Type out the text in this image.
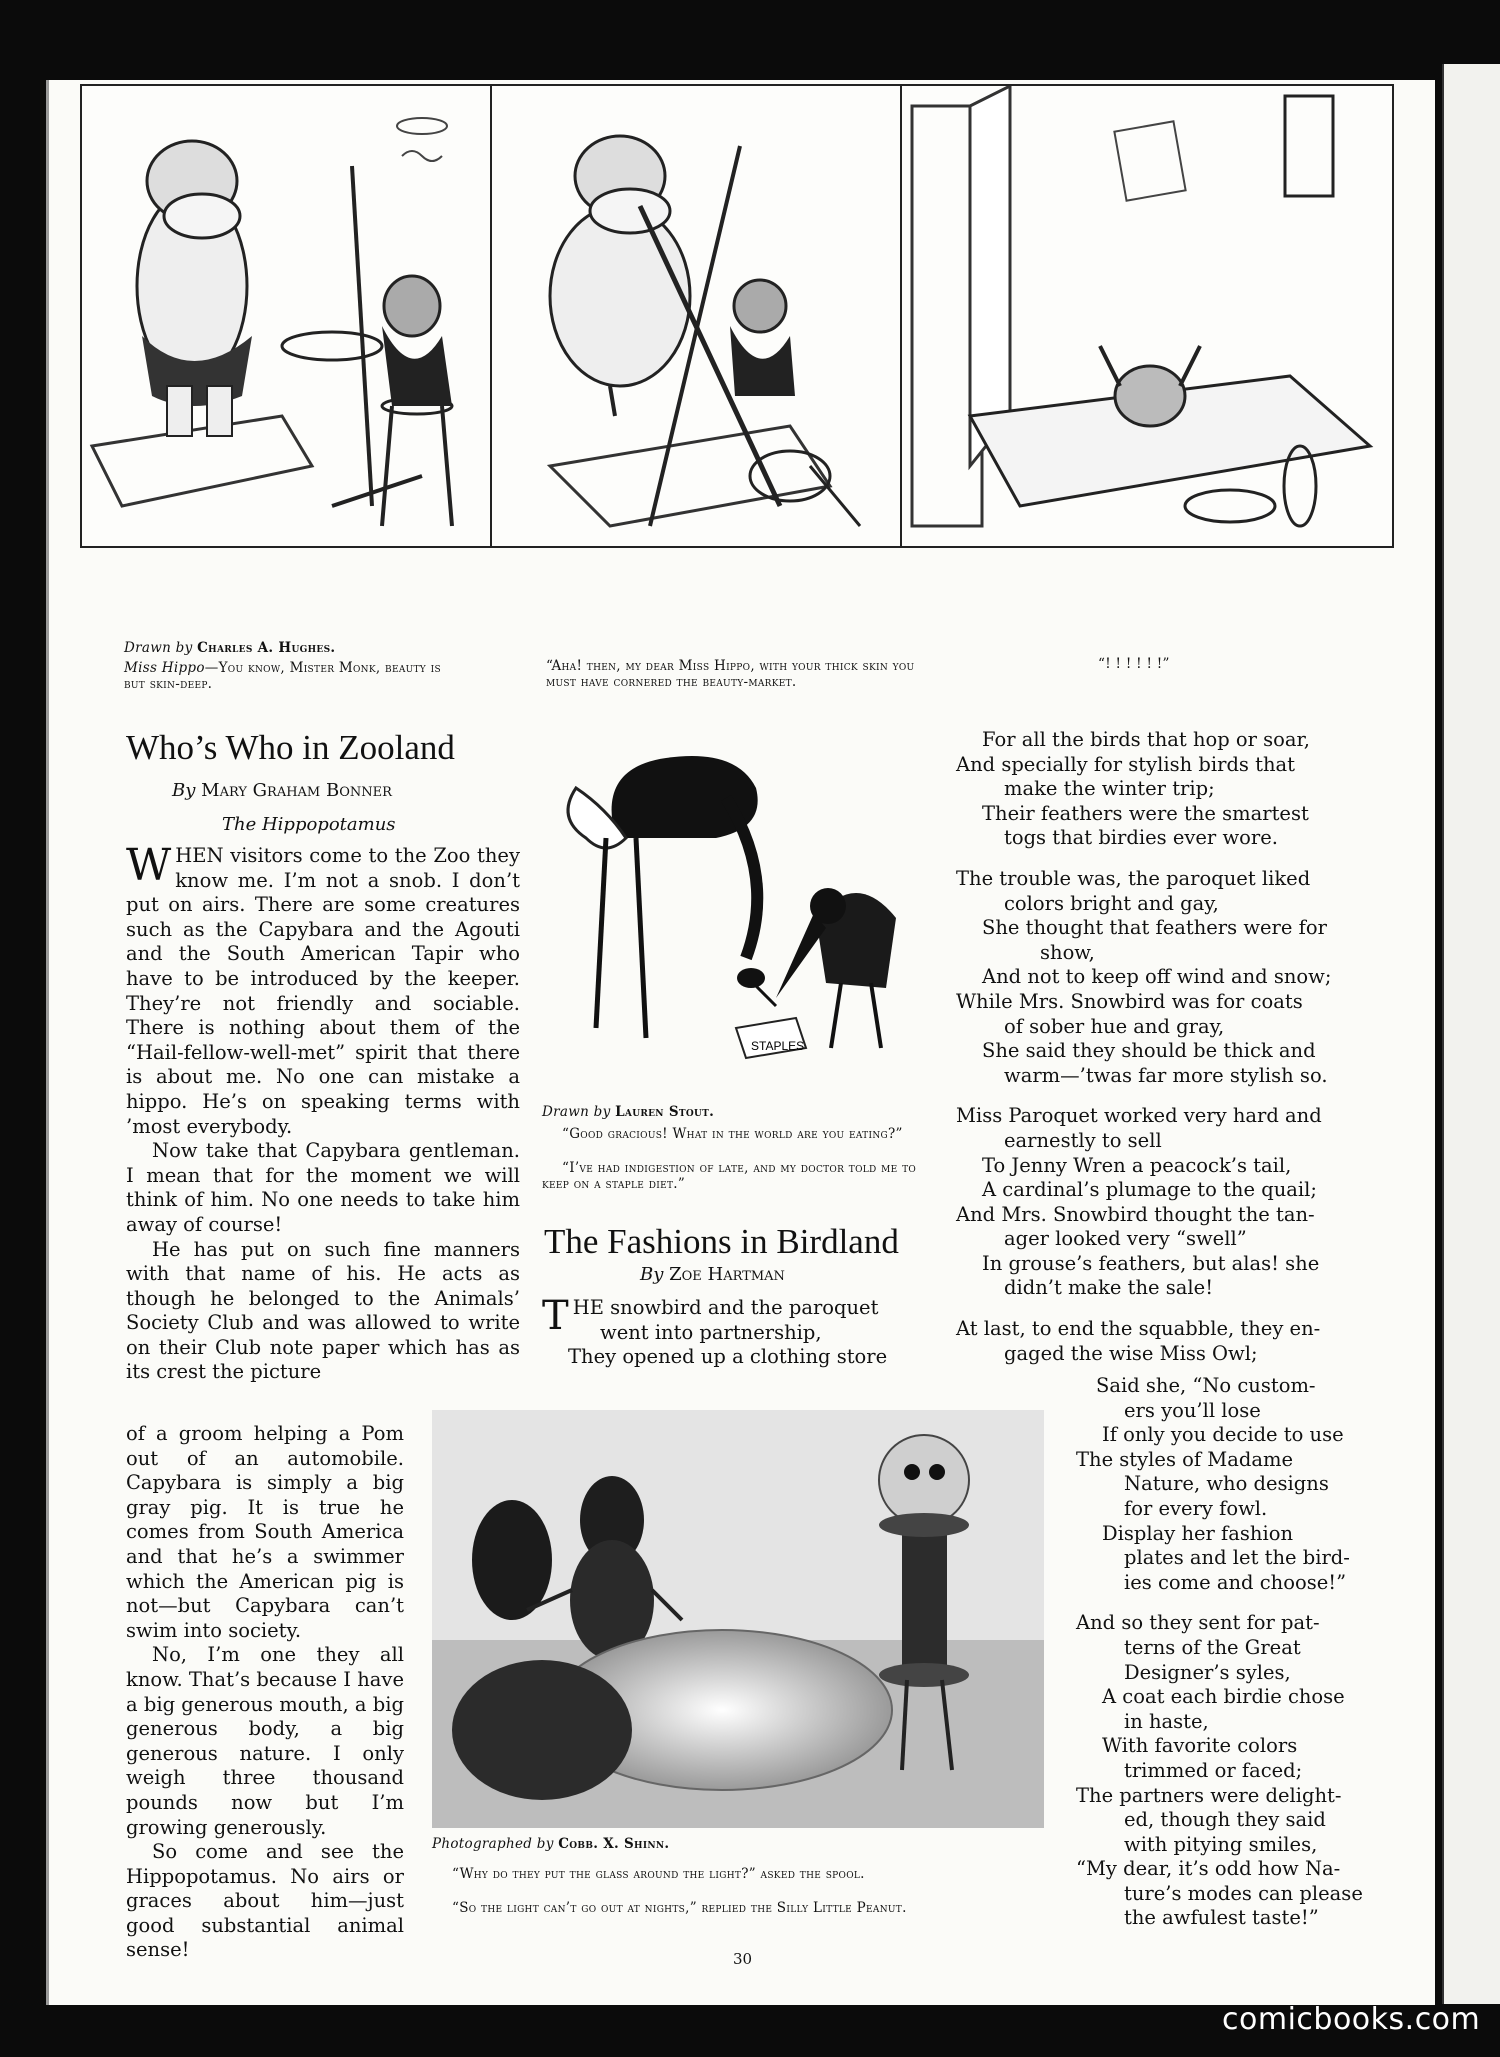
Drawn by Charles A. Hughes.
Miss Hippo—You know, Mister Monk, beauty is but skin-deep.
“Aha! then, my dear Miss Hippo, with your thick skin you must have cornered the beauty-market.
“! ! ! ! ! !”
Who’s Who in Zooland
By Mary Graham Bonner
The Hippopotamus

WHEN visitors come to the Zoo they know me. I’m not a snob. I don’t put on airs. There are some creatures such as the Capybara and the Agouti and the South American Tapir who have to be introduced by the keeper. They’re not friendly and sociable. There is nothing about them of the “Hail-fellow-well-met” spirit that there is about me. No one can mistake a hippo. He’s on speaking terms with ’most everybody.

Now take that Capybara gentleman. I mean that for the moment we will think of him. No one needs to take him away of course!

He has put on such fine manners with that name of his. He acts as though he belonged to the Animals’ Society Club and was allowed to write on their Club note paper which has as its crest the picture

of a groom helping a Pom out of an automobile. Capybara is simply a big gray pig. It is true he comes from South America and that he’s a swimmer which the American pig is not—but Capybara can’t swim into society.

No, I’m one they all know. That’s because I have a big generous mouth, a big generous body, a big generous nature. I only weigh three thousand pounds now but I’m growing generously.

So come and see the Hippopotamus. No airs or graces about him—just good substantial animal sense!

STAPLES
Drawn by Lauren Stout.
“Good gracious! What in the world are you eating?”
“I’ve had indigestion of late, and my doctor told me to keep on a staple diet.”
The Fashions in Birdland
By Zoe Hartman
THE snowbird and the paroquet
went into partnership,
They opened up a clothing store
For all the birds that hop or soar,
And specially for stylish birds that
make the winter trip;
Their feathers were the smartest
togs that birdies ever wore.
The trouble was, the paroquet liked
colors bright and gay,
She thought that feathers were for
show,
And not to keep off wind and snow;
While Mrs. Snowbird was for coats
of sober hue and gray,
She said they should be thick and
warm—’twas far more stylish so.
Miss Paroquet worked very hard and
earnestly to sell
To Jenny Wren a peacock’s tail,
A cardinal’s plumage to the quail;
And Mrs. Snowbird thought the tan-
ager looked very “swell”
In grouse’s feathers, but alas! she
didn’t make the sale!
At last, to end the squabble, they en-
gaged the wise Miss Owl;
Said she, “No custom-
ers you’ll lose
If only you decide to use
The styles of Madame
Nature, who designs
for every fowl.
Display her fashion
plates and let the bird-
ies come and choose!”
And so they sent for pat-
terns of the Great
Designer’s syles,
A coat each birdie chose
in haste,
With favorite colors
trimmed or faced;
The partners were delight-
ed, though they said
with pitying smiles,
“My dear, it’s odd how Na-
ture’s modes can please
the awfulest taste!”
Photographed by Cobb. X. Shinn.
“Why do they put the glass around the light?” asked the spool.
“So the light can’t go out at nights,” replied the Silly Little Peanut.
30
comicbooks.com
